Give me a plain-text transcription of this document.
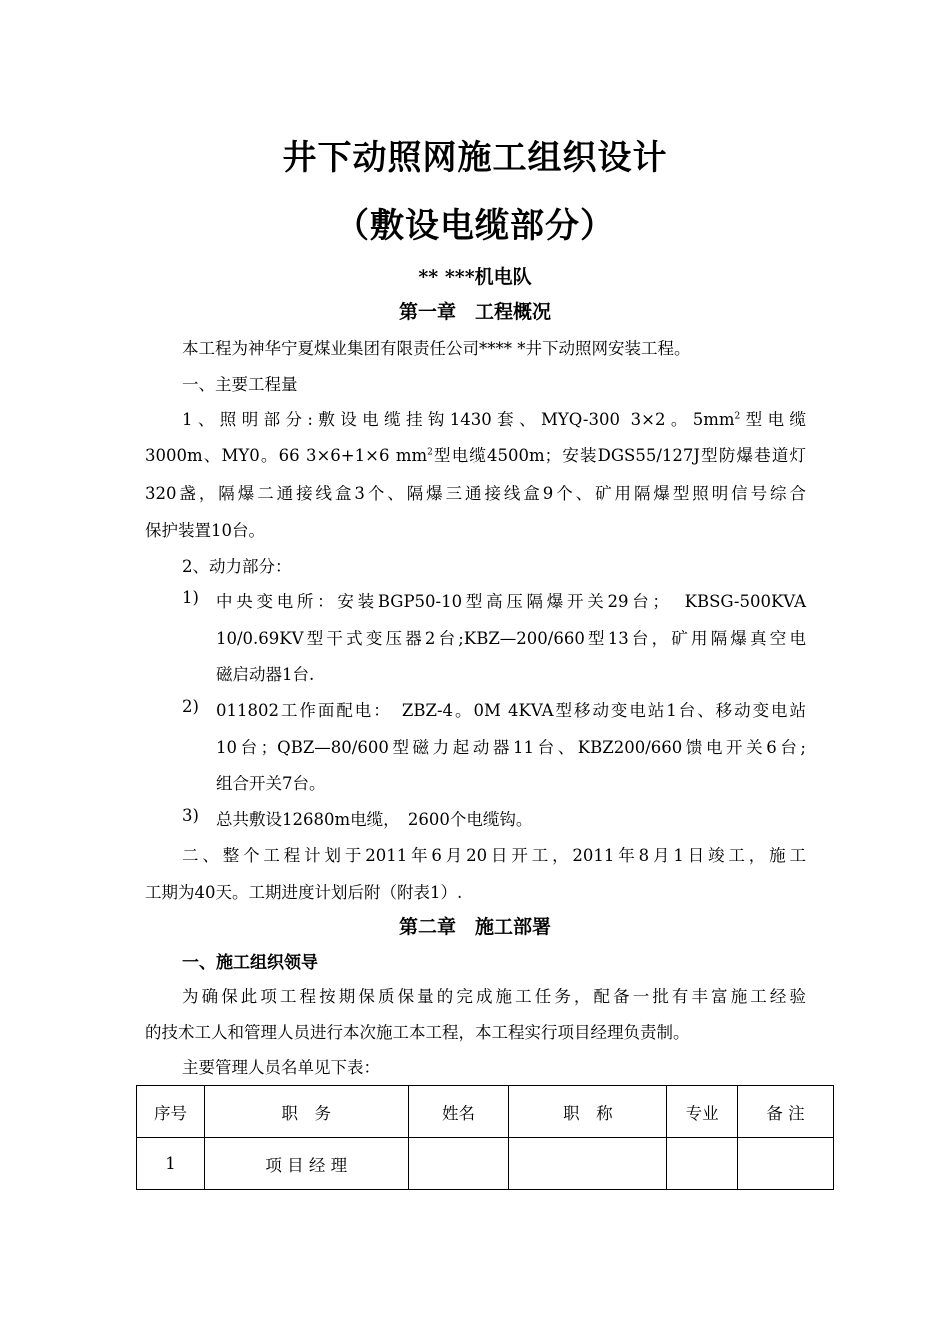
井下动照网施工组织设计
（敷设电缆部分）
** ***机电队
第一章　工程概况
本工程为神华宁夏煤业集团有限责任公司**** *井下动照网安装工程。
一、主要工程量
1、照明部分:敷设电缆挂钩1430套、MYQ-300 3×2。$5mm^2$型电缆
3000m、MY0。66 3×6+1×6 $mm^2$型电缆4500m；安装DGS55/127J型防爆巷道灯
320盏，隔爆二通接线盒3个、隔爆三通接线盒9个、矿用隔爆型照明信号综合
保护装置10台。
2、动力部分：
1) 中央变电所：安装BGP50-10型高压隔爆开关29台；　KBSG-500KVA
10/0.69KV型干式变压器2台;KBZ—200/660型13台，矿用隔爆真空电
磁启动器1台.
2) 011802工作面配电：　ZBZ-4。0M 4KVA型移动变电站1台、移动变电站
10台；QBZ—80/600型磁力起动器11台、KBZ200/660馈电开关6台;
组合开关7台。
3) 总共敷设12680m电缆，　2600个电缆钩。
二、整个工程计划于2011年6月20日开工，2011年8月1日竣工，施工
工期为40天。工期进度计划后附（附表1）.
第二章　施工部署
一、施工组织领导
为确保此项工程按期保质保量的完成施工任务，配备一批有丰富施工经验
的技术工人和管理人员进行本次施工本工程，本工程实行项目经理负责制。
主要管理人员名单见下表：
序号	职　务	姓名	职　称	专业	备 注
1	项 目 经 理				
